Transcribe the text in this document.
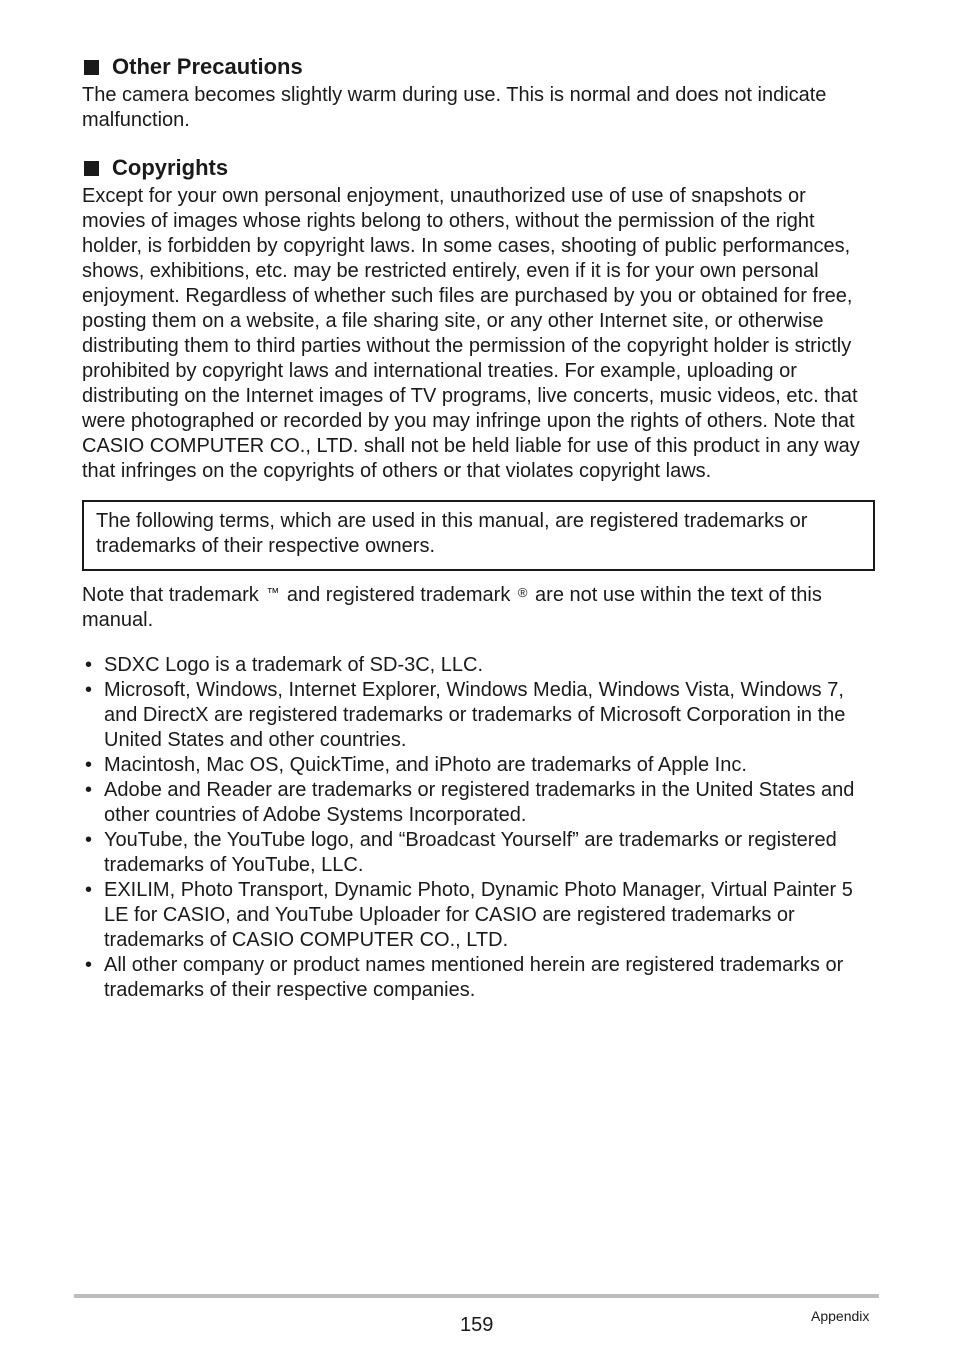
Other Precautions

The camera becomes slightly warm during use. This is normal and does not indicate malfunction.

Copyrights

Except for your own personal enjoyment, unauthorized use of use of snapshots or movies of images whose rights belong to others, without the permission of the right holder, is forbidden by copyright laws. In some cases, shooting of public performances, shows, exhibitions, etc. may be restricted entirely, even if it is for your own personal enjoyment. Regardless of whether such files are purchased by you or obtained for free, posting them on a website, a file sharing site, or any other Internet site, or otherwise distributing them to third parties without the permission of the copyright holder is strictly prohibited by copyright laws and international treaties. For example, uploading or distributing on the Internet images of TV programs, live concerts, music videos, etc. that were photographed or recorded by you may infringe upon the rights of others. Note that CASIO COMPUTER CO., LTD. shall not be held liable for use of this product in any way that infringes on the copyrights of others or that violates copyright laws.

The following terms, which are used in this manual, are registered trademarks or trademarks of their respective owners.

Note that trademark ™ and registered trademark ® are not use within the text of this manual.

• SDXC Logo is a trademark of SD-3C, LLC.
• Microsoft, Windows, Internet Explorer, Windows Media, Windows Vista, Windows 7, and DirectX are registered trademarks or trademarks of Microsoft Corporation in the United States and other countries.
• Macintosh, Mac OS, QuickTime, and iPhoto are trademarks of Apple Inc.
• Adobe and Reader are trademarks or registered trademarks in the United States and other countries of Adobe Systems Incorporated.
• YouTube, the YouTube logo, and “Broadcast Yourself” are trademarks or registered trademarks of YouTube, LLC.
• EXILIM, Photo Transport, Dynamic Photo, Dynamic Photo Manager, Virtual Painter 5 LE for CASIO, and YouTube Uploader for CASIO are registered trademarks or trademarks of CASIO COMPUTER CO., LTD.
• All other company or product names mentioned herein are registered trademarks or trademarks of their respective companies.
159	Appendix
